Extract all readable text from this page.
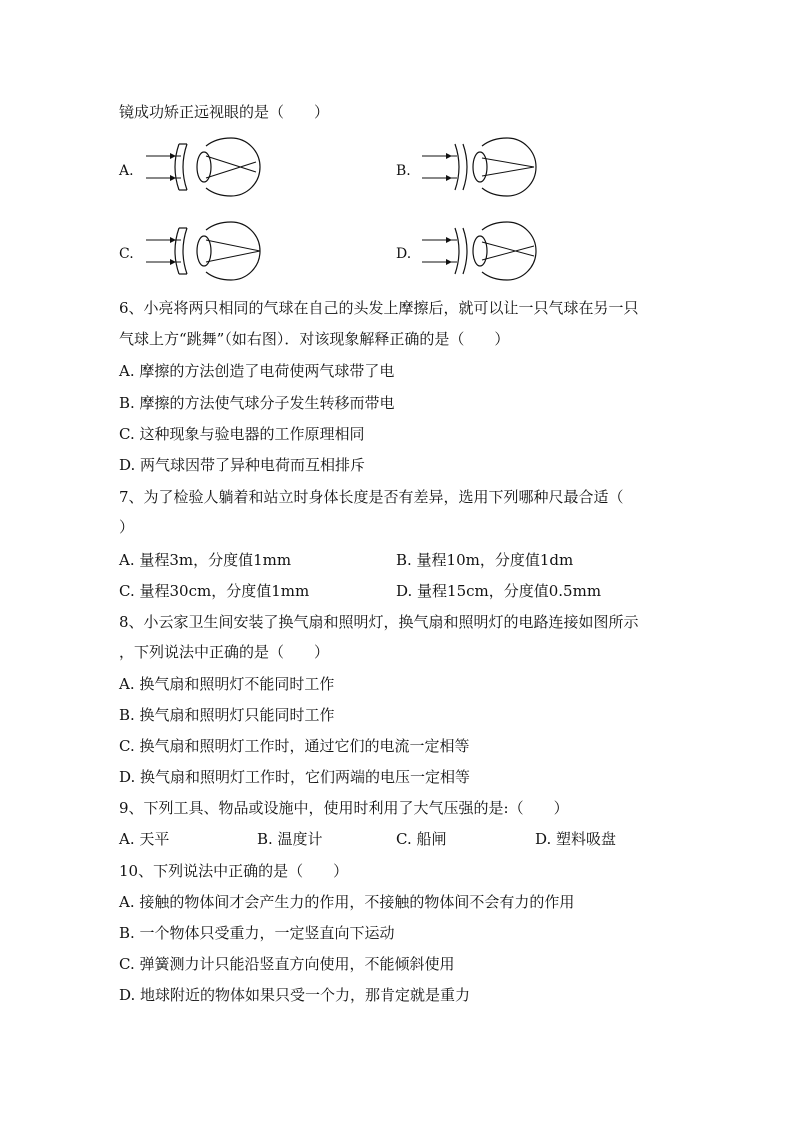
镜成功矫正远视眼的是（　　）
A.	B.
C.	D.
6、小亮将两只相同的气球在自己的头发上摩擦后，就可以让一只气球在另一只
气球上方“跳舞”（如右图）．对该现象解释正确的是（　　）
A. 摩擦的方法创造了电荷使两气球带了电
B. 摩擦的方法使气球分子发生转移而带电
C. 这种现象与验电器的工作原理相同
D. 两气球因带了异种电荷而互相排斥
7、为了检验人躺着和站立时身体长度是否有差异，选用下列哪种尺最合适（
）
A. 量程3m，分度值1mm	B. 量程10m，分度值1dm
C. 量程30cm，分度值1mm	D. 量程15cm，分度值0.5mm
8、小云家卫生间安装了换气扇和照明灯，换气扇和照明灯的电路连接如图所示
，下列说法中正确的是（　　）
A. 换气扇和照明灯不能同时工作
B. 换气扇和照明灯只能同时工作
C. 换气扇和照明灯工作时，通过它们的电流一定相等
D. 换气扇和照明灯工作时，它们两端的电压一定相等
9、下列工具、物品或设施中，使用时利用了大气压强的是:（　　）
A. 天平	B. 温度计	C. 船闸	D. 塑料吸盘
10、下列说法中正确的是（　　）
A. 接触的物体间才会产生力的作用，不接触的物体间不会有力的作用
B. 一个物体只受重力，一定竖直向下运动
C. 弹簧测力计只能沿竖直方向使用，不能倾斜使用
D. 地球附近的物体如果只受一个力，那肯定就是重力
